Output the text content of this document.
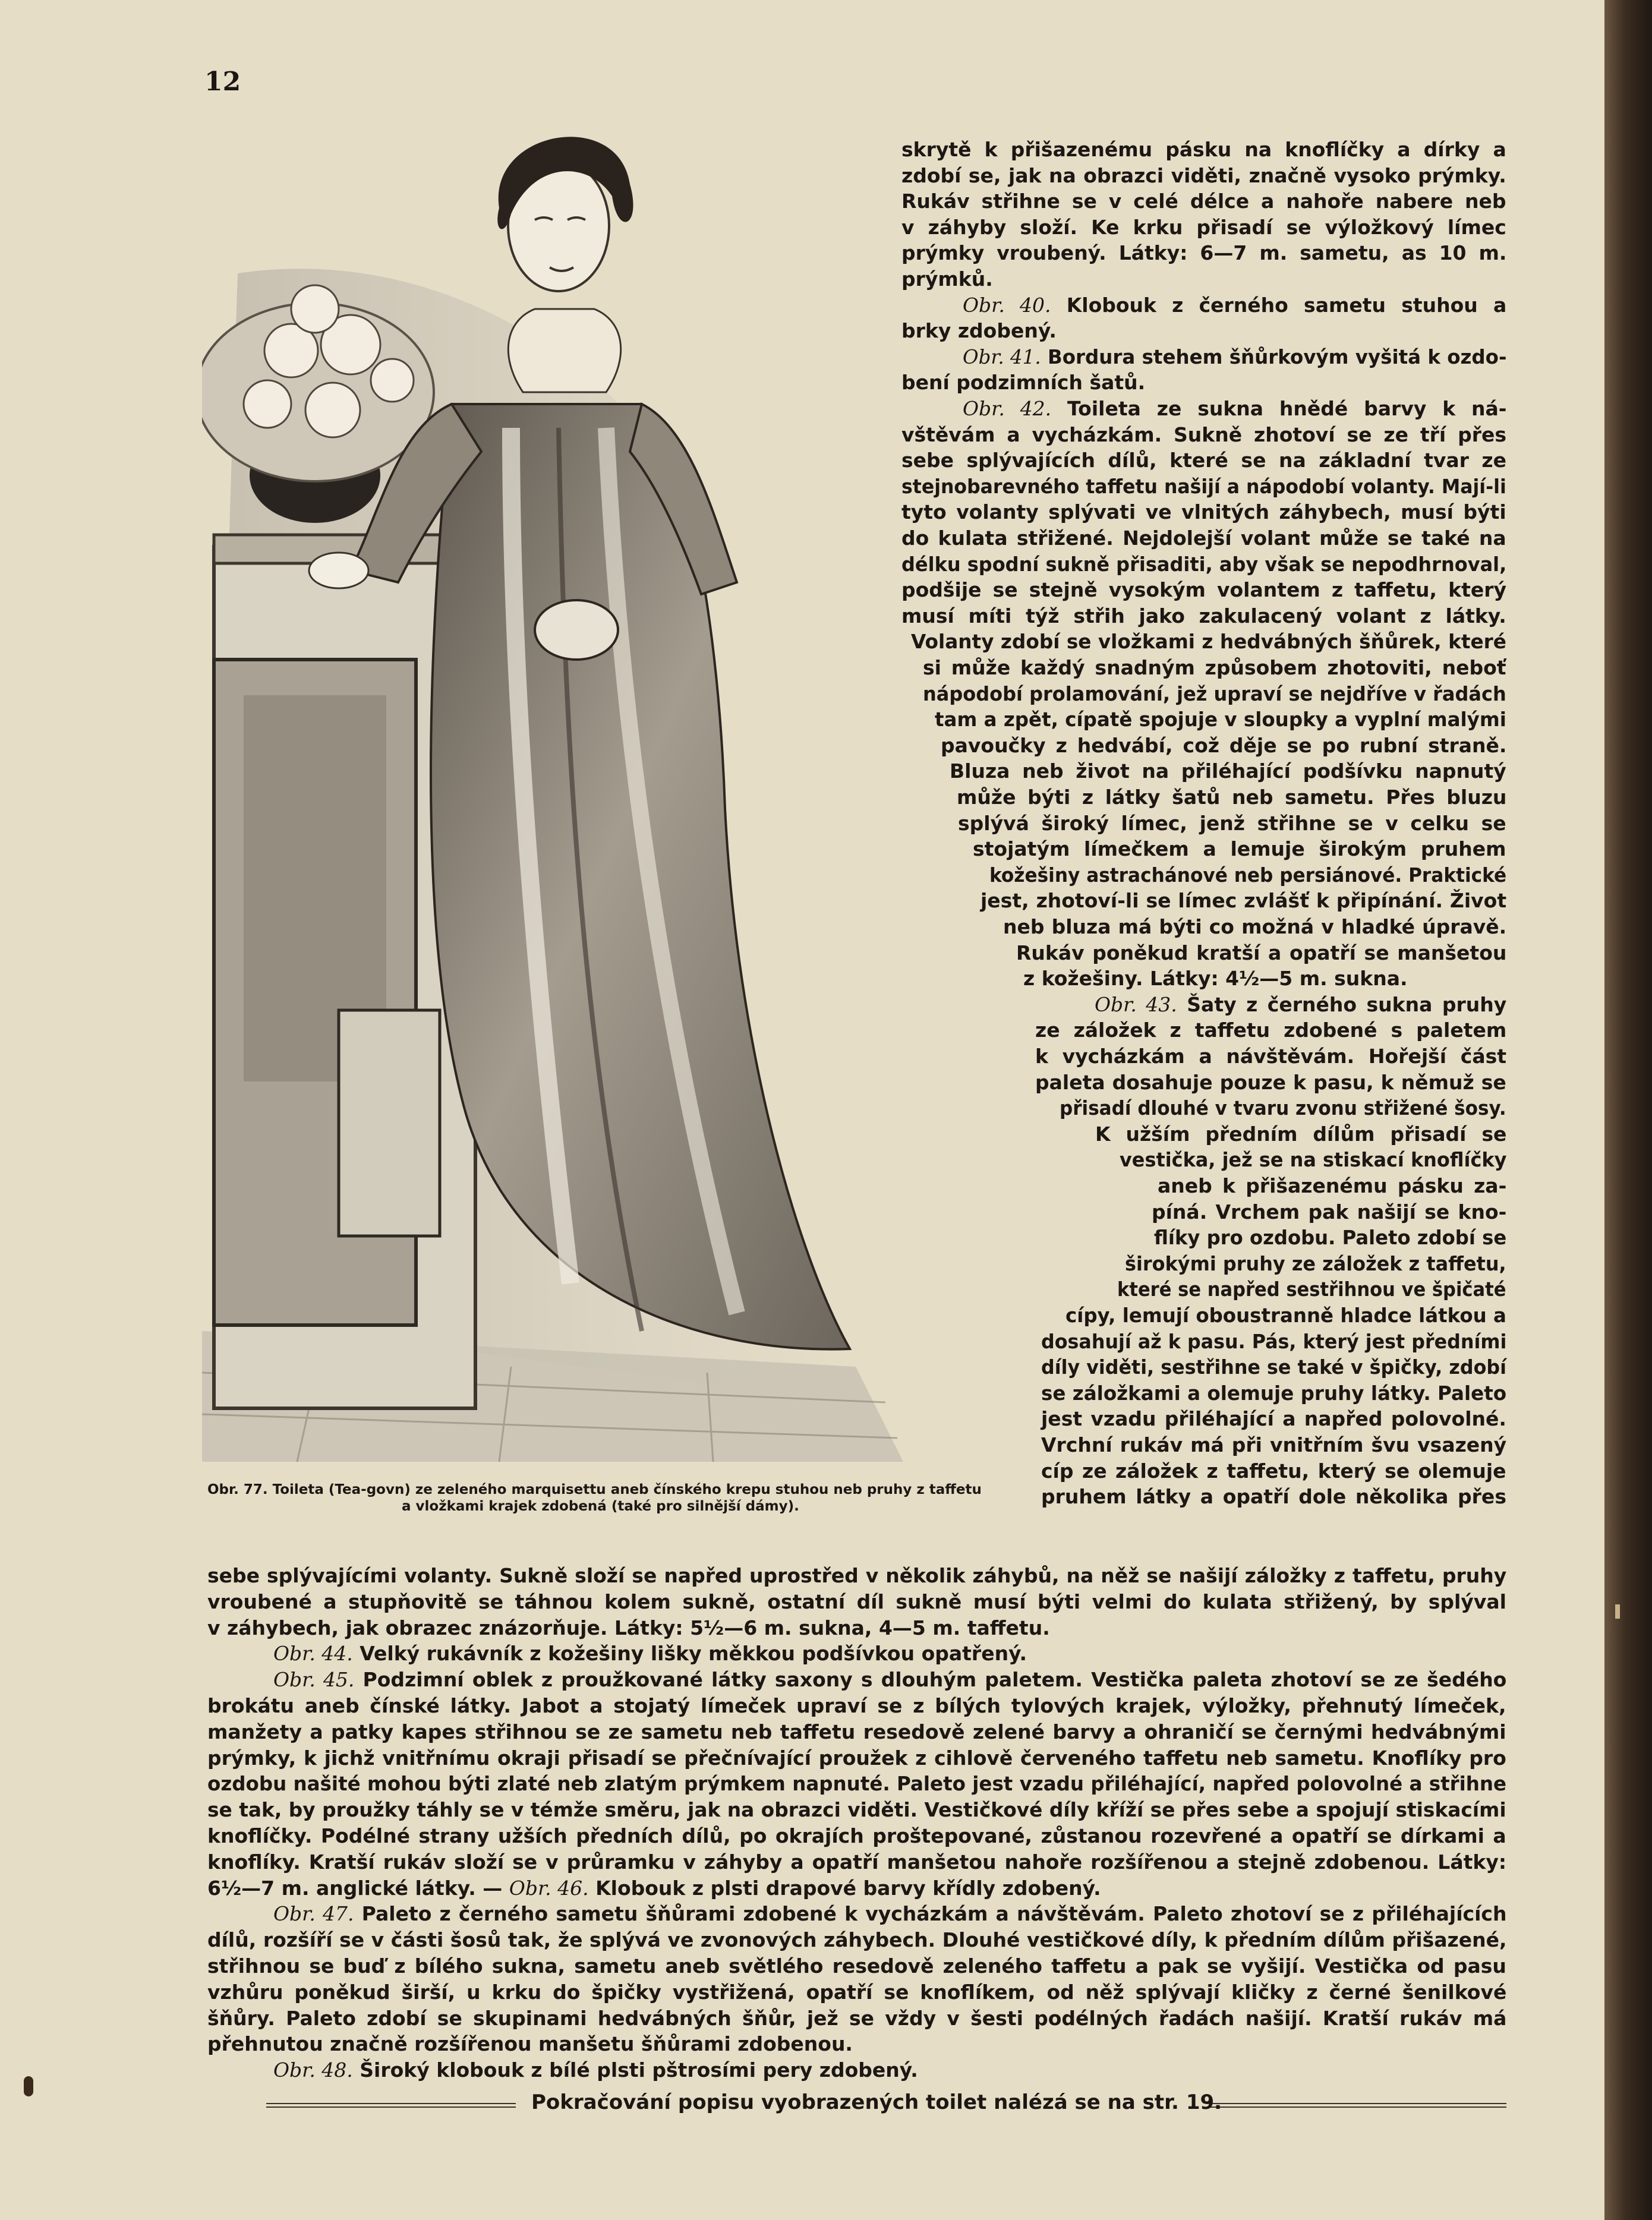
12
Obr. 77. Toileta (Tea-govn) ze zeleného marquisettu aneb čínského krepu stuhou neb pruhy z taffetu
a vložkami krajek zdobená (také pro silnější dámy).
skrytě k přišazenému pásku na knoflíčky a dírky a
zdobí se, jak na obrazci viděti, značně vysoko prýmky.
Rukáv střihne se v celé délce a nahoře nabere neb
v záhyby složí. Ke krku přisadí se výložkový límec
prýmky vroubený. Látky: 6—7 m. sametu, as 10 m.
prýmků.
Obr. 40. Klobouk z černého sametu stuhou a
brky zdobený.
Obr. 41. Bordura stehem šňůrkovým vyšitá k ozdo-
bení podzimních šatů.
Obr. 42. Toileta ze sukna hnědé barvy k ná-
vštěvám a vycházkám. Sukně zhotoví se ze tří přes
sebe splývajících dílů, které se na základní tvar ze
stejnobarevného taffetu našijí a nápodobí volanty. Mají-li
tyto volanty splývati ve vlnitých záhybech, musí býti
do kulata střižené. Nejdolejší volant může se také na
délku spodní sukně přisaditi, aby však se nepodhrnoval,
podšije se stejně vysokým volantem z taffetu, který
musí míti týž střih jako zakulacený volant z látky.
Volanty zdobí se vložkami z hedvábných šňůrek, které
si může každý snadným způsobem zhotoviti, neboť
nápodobí prolamování, jež upraví se nejdříve v řadách
tam a zpět, cípatě spojuje v sloupky a vyplní malými
pavoučky z hedvábí, což děje se po rubní straně.
Bluza neb život na přiléhající podšívku napnutý
může býti z látky šatů neb sametu. Přes bluzu
splývá široký límec, jenž střihne se v celku se
stojatým límečkem a lemuje širokým pruhem
kožešiny astrachánové neb persiánové. Praktické
jest, zhotoví-li se límec zvlášť k připínání. Život
neb bluza má býti co možná v hladké úpravě.
Rukáv poněkud kratší a opatří se manšetou
z kožešiny. Látky: 4½—5 m. sukna.
Obr. 43. Šaty z černého sukna pruhy
ze záložek z taffetu zdobené s paletem
k vycházkám a návštěvám. Hořejší část
paleta dosahuje pouze k pasu, k němuž se
přisadí dlouhé v tvaru zvonu střižené šosy.
K užším předním dílům přisadí se
vestička, jež se na stiskací knoflíčky
aneb k přišazenému pásku za-
píná. Vrchem pak našijí se kno-
flíky pro ozdobu. Paleto zdobí se
širokými pruhy ze záložek z taffetu,
které se napřed sestřihnou ve špičaté
cípy, lemují oboustranně hladce látkou a
dosahují až k pasu. Pás, který jest předními
díly viděti, sestřihne se také v špičky, zdobí
se záložkami a olemuje pruhy látky. Paleto
jest vzadu přiléhající a napřed polovolné.
Vrchní rukáv má při vnitřním švu vsazený
cíp ze záložek z taffetu, který se olemuje
pruhem látky a opatří dole několika přes
sebe splývajícími volanty. Sukně složí se napřed uprostřed v několik záhybů, na něž se našijí záložky z taffetu, pruhy
vroubené a stupňovitě se táhnou kolem sukně, ostatní díl sukně musí býti velmi do kulata střižený, by splýval
v záhybech, jak obrazec znázorňuje. Látky: 5½—6 m. sukna, 4—5 m. taffetu.
Obr. 44. Velký rukávník z kožešiny lišky měkkou podšívkou opatřený.
Obr. 45. Podzimní oblek z proužkované látky saxony s dlouhým paletem. Vestička paleta zhotoví se ze šedého
brokátu aneb čínské látky. Jabot a stojatý límeček upraví se z bílých tylových krajek, výložky, přehnutý límeček,
manžety a patky kapes střihnou se ze sametu neb taffetu resedově zelené barvy a ohraničí se černými hedvábnými
prýmky, k jichž vnitřnímu okraji přisadí se přečnívající proužek z cihlově červeného taffetu neb sametu. Knoflíky pro
ozdobu našité mohou býti zlaté neb zlatým prýmkem napnuté. Paleto jest vzadu přiléhající, napřed polovolné a střihne
se tak, by proužky táhly se v témže směru, jak na obrazci viděti. Vestičkové díly kříží se přes sebe a spojují stiskacími
knoflíčky. Podélné strany užších předních dílů, po okrajích proštepované, zůstanou rozevřené a opatří se dírkami a
knoflíky. Kratší rukáv složí se v průramku v záhyby a opatří manšetou nahoře rozšířenou a stejně zdobenou. Látky:
6½—7 m. anglické látky. — Obr. 46. Klobouk z plsti drapové barvy křídly zdobený.
Obr. 47. Paleto z černého sametu šňůrami zdobené k vycházkám a návštěvám. Paleto zhotoví se z přiléhajících
dílů, rozšíří se v části šosů tak, že splývá ve zvonových záhybech. Dlouhé vestičkové díly, k předním dílům přišazené,
střihnou se buď z bílého sukna, sametu aneb světlého resedově zeleného taffetu a pak se vyšijí. Vestička od pasu
vzhůru poněkud širší, u krku do špičky vystřižená, opatří se knoflíkem, od něž splývají kličky z černé šenilkové
šňůry. Paleto zdobí se skupinami hedvábných šňůr, jež se vždy v šesti podélných řadách našijí. Kratší rukáv má
přehnutou značně rozšířenou manšetu šňůrami zdobenou.
Obr. 48. Široký klobouk z bílé plsti pštrosími pery zdobený.
Pokračování popisu vyobrazených toilet nalézá se na str. 19.
